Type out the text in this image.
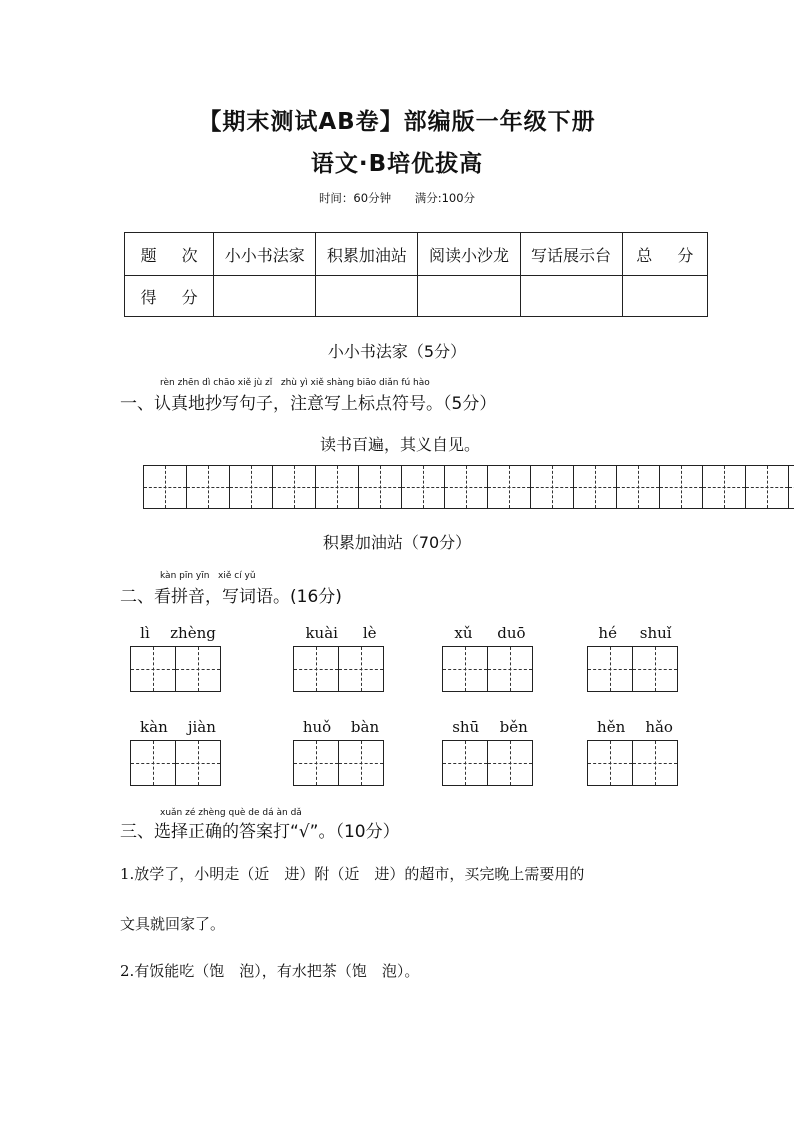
【期末测试AB卷】部编版一年级下册
语文·B培优拔高
时间：60分钟 满分:100分
题 次	小小书法家	积累加油站	阅读小沙龙	写话展示台	总 分
得 分					
小小书法家（5分）
rèn zhēn dì chāo xiě jù zǐ   zhù yì xiě shàng biāo diǎn fú hào
一、认真地抄写句子，注意写上标点符号。（5分）
读书百遍，其义自见。
积累加油站（70分）
kàn pīn yīn   xiě cí yǔ
二、看拼音，写词语。(16分)
lì zhèng	kuài lè	xǔ duō	hé shuǐ
kàn jiàn	huǒ bàn	shū běn	hěn hǎo
xuǎn zé zhèng què de dá àn dǎ
三、选择正确的答案打“√”。（10分）
1.放学了，小明走（近　进）附（近　进）的超市，买完晚上需要用的
文具就回家了。
2.有饭能吃（饱　泡），有水把茶（饱　泡）。
